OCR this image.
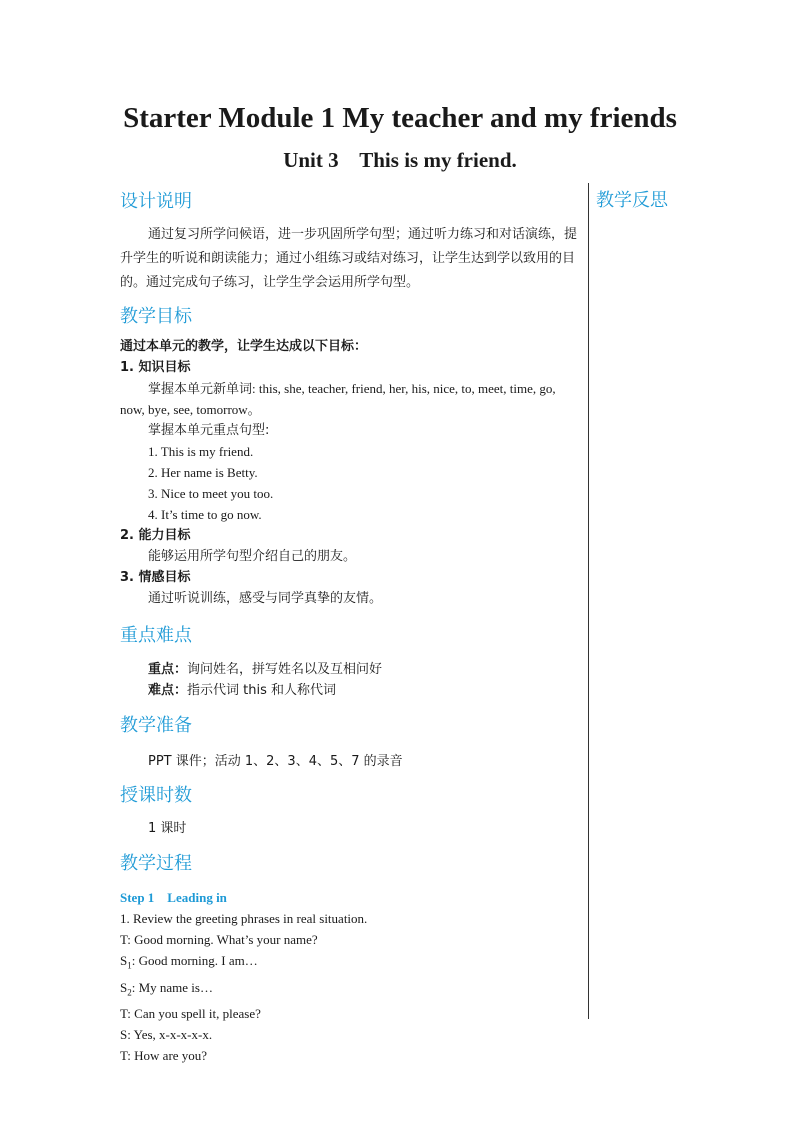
Starter Module 1 My teacher and my friends
Unit 3    This is my friend.
教学反思
设计说明

通过复习所学问候语，进一步巩固所学句型；通过听力练习和对话演练，提升学生的听说和朗读能力；通过小组练习或结对练习，让学生达到学以致用的目的。通过完成句子练习，让学生学会运用所学句型。

教学目标

通过本单元的教学，让学生达成以下目标：

1. 知识目标

掌握本单元新单词: this, she, teacher, friend, her, his, nice, to, meet, time, go, now, bye, see, tomorrow。

掌握本单元重点句型:

1. This is my friend.

2. Her name is Betty.

3. Nice to meet you too.

4. It’s time to go now.

2. 能力目标

能够运用所学句型介绍自己的朋友。

3. 情感目标

通过听说训练，感受与同学真挚的友情。

重点难点

重点：询问姓名，拼写姓名以及互相问好

难点：指示代词 this 和人称代词

教学准备

PPT 课件；活动 1、2、3、4、5、7 的录音

授课时数

1 课时

教学过程

Step 1    Leading in

1. Review the greeting phrases in real situation.

T: Good morning. What’s your name?

$S_1$: Good morning. I am…

$S_2$: My name is…

T: Can you spell it, please?

S: Yes, x-x-x-x-x.

T: How are you?
